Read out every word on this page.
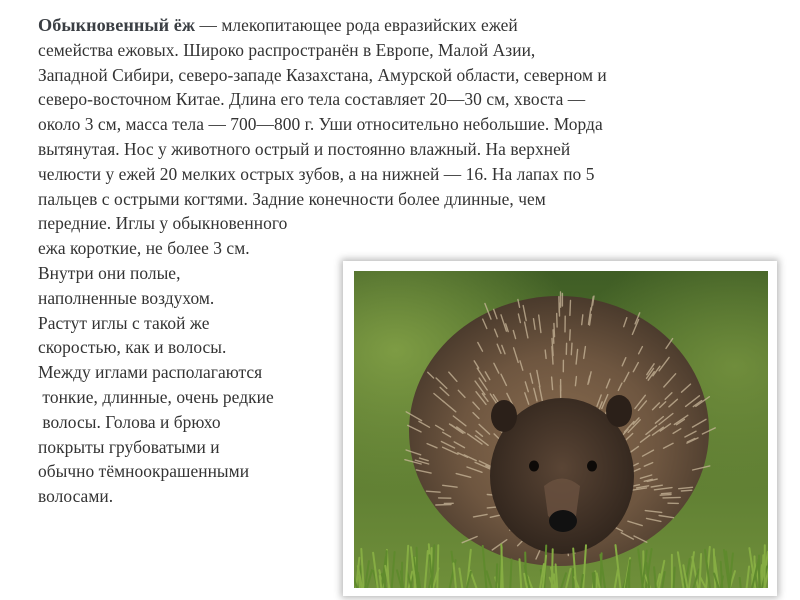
Обыкновенный ёж — млекопитающее рода евразийских ежей
семейства ежовых. Широко распространён в Европе, Малой Азии,
Западной Сибири, северо-западе Казахстана, Амурской области, северном и
северо-восточном Китае. Длина его тела составляет 20—30 см, хвоста —
около 3 см, масса тела — 700—800 г. Уши относительно небольшие. Морда
вытянутая. Нос у животного острый и постоянно влажный. На верхней
челюсти у ежей 20 мелких острых зубов, а на нижней — 16. На лапах по 5
пальцев с острыми когтями. Задние конечности более длинные, чем
передние. Иглы у обыкновенного
ежа короткие, не более 3 см.
Внутри они полые,
наполненные воздухом.
Растут иглы с такой же
скоростью, как и волосы.
Между иглами располагаются
тонкие, длинные, очень редкие
волосы. Голова и брюхо
покрыты грубоватыми и
обычно тёмноокрашенными
волосами.
